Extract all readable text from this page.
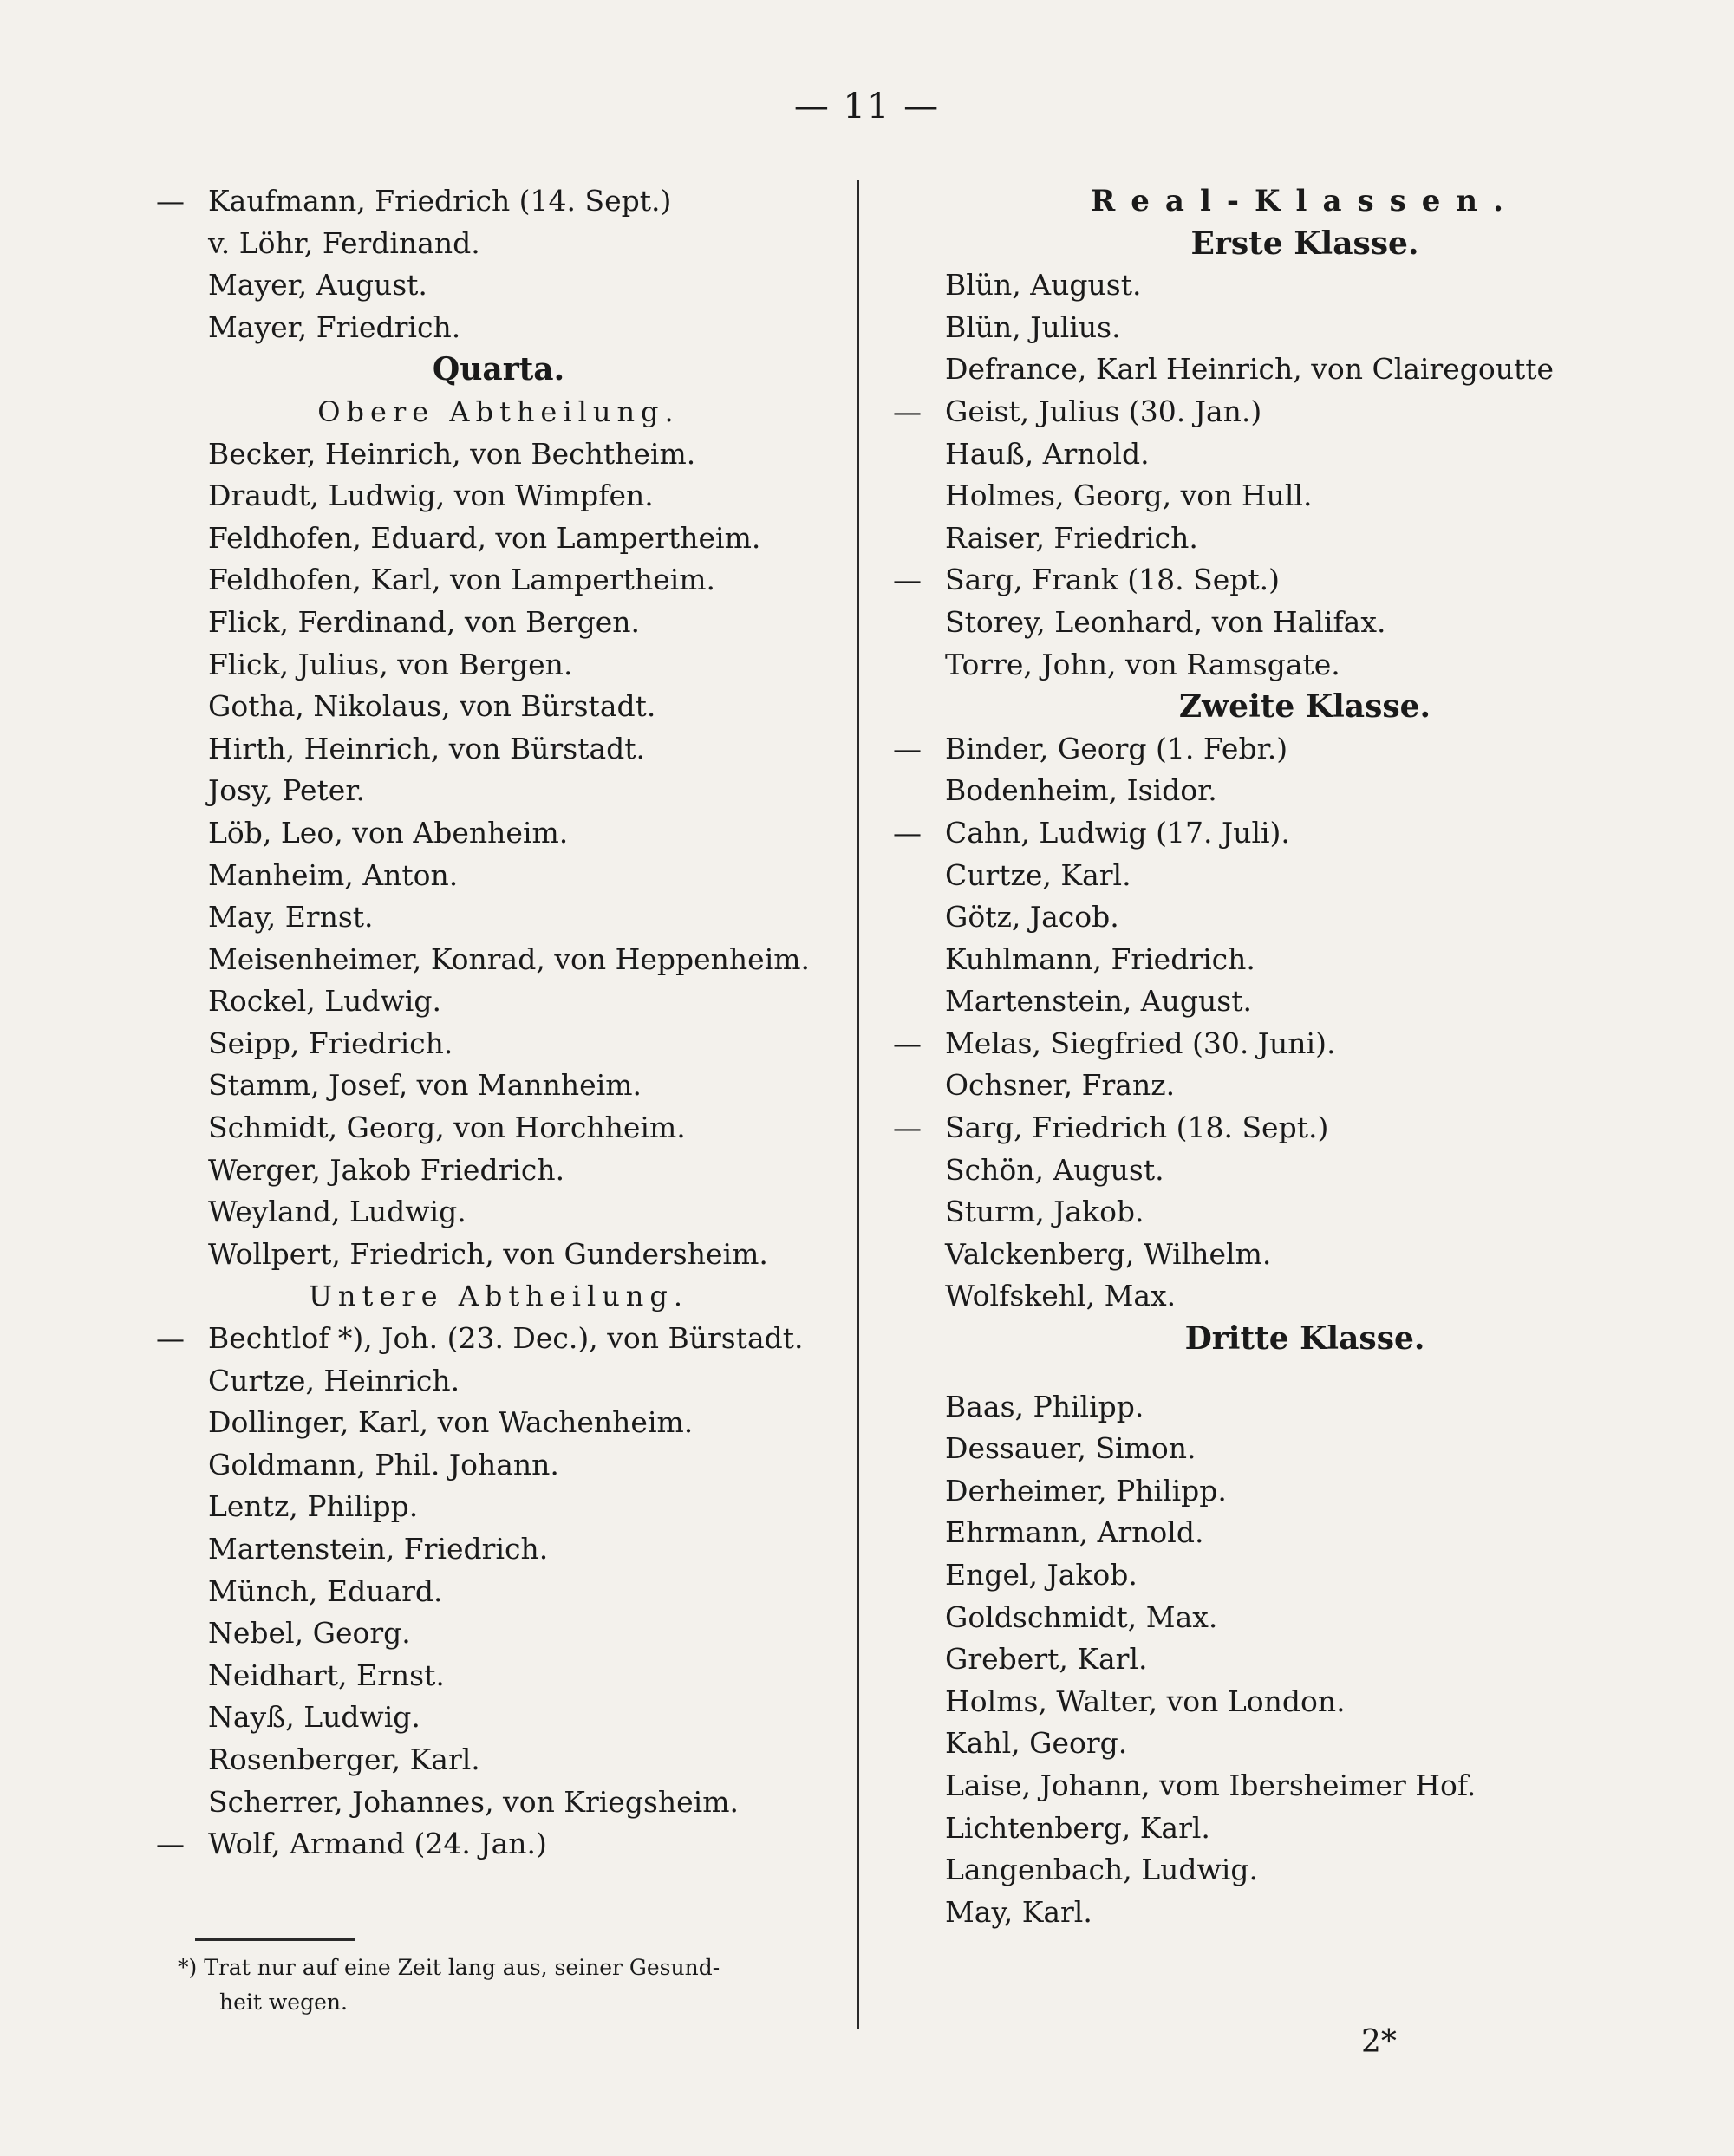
— 11 —
— Kaufmann, Friedrich (14. Sept.)
v. Löhr, Ferdinand.
Mayer, August.
Mayer, Friedrich.
Quarta.
Obere Abtheilung.
Becker, Heinrich, von Bechtheim.
Draudt, Ludwig, von Wimpfen.
Feldhofen, Eduard, von Lampertheim.
Feldhofen, Karl, von Lampertheim.
Flick, Ferdinand, von Bergen.
Flick, Julius, von Bergen.
Gotha, Nikolaus, von Bürstadt.
Hirth, Heinrich, von Bürstadt.
Josy, Peter.
Löb, Leo, von Abenheim.
Manheim, Anton.
May, Ernst.
Meisenheimer, Konrad, von Heppenheim.
Rockel, Ludwig.
Seipp, Friedrich.
Stamm, Josef, von Mannheim.
Schmidt, Georg, von Horchheim.
Werger, Jakob Friedrich.
Weyland, Ludwig.
Wollpert, Friedrich, von Gundersheim.
Untere Abtheilung.
— Bechtlof *), Joh. (23. Dec.), von Bürstadt.
Curtze, Heinrich.
Dollinger, Karl, von Wachenheim.
Goldmann, Phil. Johann.
Lentz, Philipp.
Martenstein, Friedrich.
Münch, Eduard.
Nebel, Georg.
Neidhart, Ernst.
Nayß, Ludwig.
Rosenberger, Karl.
Scherrer, Johannes, von Kriegsheim.
— Wolf, Armand (24. Jan.)
Real-Klassen.
Erste Klasse.
Blün, August.
Blün, Julius.
Defrance, Karl Heinrich, von Clairegoutte
— Geist, Julius (30. Jan.)
Hauß, Arnold.
Holmes, Georg, von Hull.
Raiser, Friedrich.
— Sarg, Frank (18. Sept.)
Storey, Leonhard, von Halifax.
Torre, John, von Ramsgate.
Zweite Klasse.
— Binder, Georg (1. Febr.)
Bodenheim, Isidor.
— Cahn, Ludwig (17. Juli).
Curtze, Karl.
Götz, Jacob.
Kuhlmann, Friedrich.
Martenstein, August.
— Melas, Siegfried (30. Juni).
Ochsner, Franz.
— Sarg, Friedrich (18. Sept.)
Schön, August.
Sturm, Jakob.
Valckenberg, Wilhelm.
Wolfskehl, Max.
Dritte Klasse.
Baas, Philipp.
Dessauer, Simon.
Derheimer, Philipp.
Ehrmann, Arnold.
Engel, Jakob.
Goldschmidt, Max.
Grebert, Karl.
Holms, Walter, von London.
Kahl, Georg.
Laise, Johann, vom Ibersheimer Hof.
Lichtenberg, Karl.
Langenbach, Ludwig.
May, Karl.
*) Trat nur auf eine Zeit lang aus, seiner Gesund-
heit wegen.
2*
